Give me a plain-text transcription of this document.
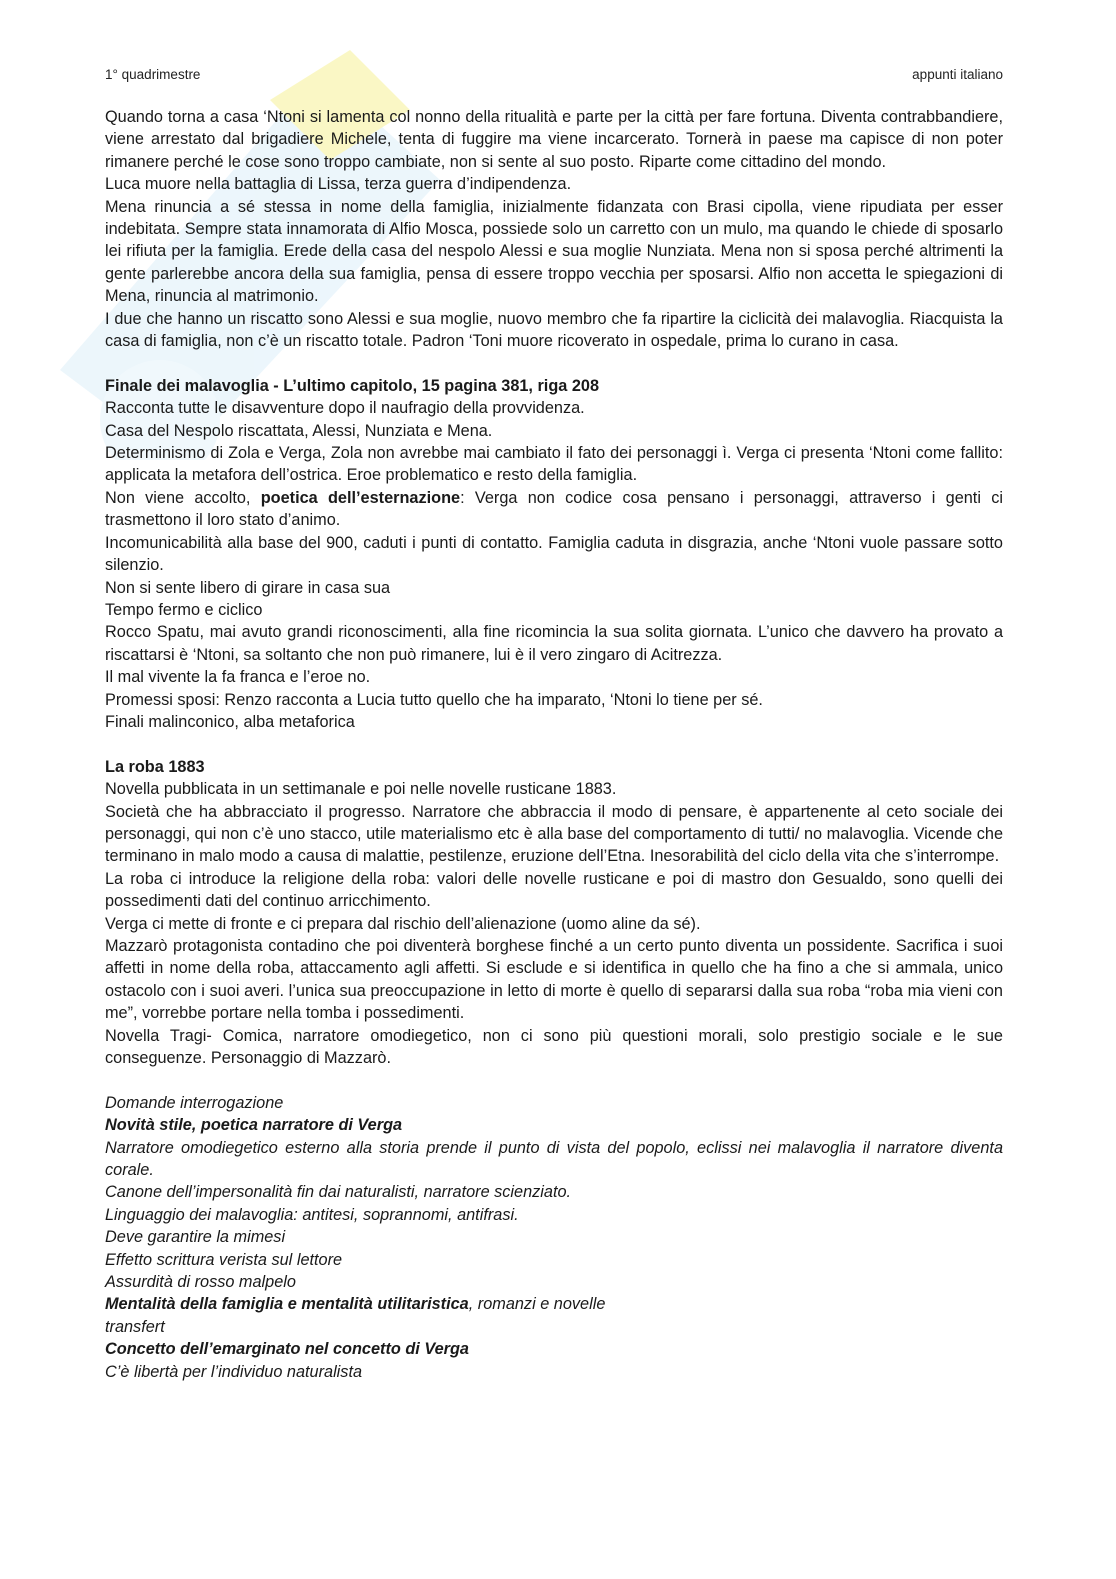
1° quadrimestre	appunti italiano

Quando torna a casa ‘Ntoni si lamenta col nonno della ritualità e parte per la città per fare fortuna. Diventa contrabbandiere, viene arrestato dal brigadiere Michele, tenta di fuggire ma viene incarcerato. Tornerà in paese ma capisce di non poter rimanere perché le cose sono troppo cambiate, non si sente al suo posto. Riparte come cittadino del mondo.

Luca muore nella battaglia di Lissa, terza guerra d’indipendenza.

Mena rinuncia a sé stessa in nome della famiglia, inizialmente fidanzata con Brasi cipolla, viene ripudiata per esser indebitata. Sempre stata innamorata di Alfio Mosca, possiede solo un carretto con un mulo, ma quando le chiede di sposarlo lei rifiuta per la famiglia. Erede della casa del nespolo Alessi e sua moglie Nunziata. Mena non si sposa perché altrimenti la gente parlerebbe ancora della sua famiglia, pensa di essere troppo vecchia per sposarsi. Alfio non accetta le spiegazioni di Mena, rinuncia al matrimonio.

I due che hanno un riscatto sono Alessi e sua moglie, nuovo membro che fa ripartire la ciclicità dei malavoglia. Riacquista la casa di famiglia, non c’è un riscatto totale. Padron ‘Toni muore ricoverato in ospedale, prima lo curano in casa.

Finale dei malavoglia - L’ultimo capitolo, 15 pagina 381, riga 208

Racconta tutte le disavventure dopo il naufragio della provvidenza.

Casa del Nespolo riscattata, Alessi, Nunziata e Mena.

Determinismo di Zola e Verga, Zola non avrebbe mai cambiato il fato dei personaggi ì. Verga ci presenta ‘Ntoni come fallito: applicata la metafora dell’ostrica. Eroe problematico e resto della famiglia.

Non viene accolto, poetica dell’esternazione: Verga non codice cosa pensano i personaggi, attraverso i genti ci trasmettono il loro stato d’animo.

Incomunicabilità alla base del 900, caduti i punti di contatto. Famiglia caduta in disgrazia, anche ‘Ntoni vuole passare sotto silenzio.

Non si sente libero di girare in casa sua

Tempo fermo e ciclico

Rocco Spatu, mai avuto grandi riconoscimenti, alla fine ricomincia la sua solita giornata. L’unico che davvero ha provato a riscattarsi è ‘Ntoni, sa soltanto che non può rimanere, lui è il vero zingaro di Acitrezza.

Il mal vivente la fa franca e l’eroe no.

Promessi sposi: Renzo racconta a Lucia tutto quello che ha imparato, ‘Ntoni lo tiene per sé.

Finali malinconico, alba metaforica

La roba 1883

Novella pubblicata in un settimanale e poi nelle novelle rusticane 1883.

Società che ha abbracciato il progresso. Narratore che abbraccia il modo di pensare, è appartenente al ceto sociale dei personaggi, qui non c’è uno stacco, utile materialismo etc è alla base del comportamento di tutti/ no malavoglia. Vicende che terminano in malo modo a causa di malattie, pestilenze, eruzione dell’Etna. Inesorabilità del ciclo della vita che s’interrompe.

La roba ci introduce la religione della roba: valori delle novelle rusticane e poi di mastro don Gesualdo, sono quelli dei possedimenti dati del continuo arricchimento.

Verga ci mette di fronte e ci prepara dal rischio dell’alienazione (uomo aline da sé).

Mazzarò protagonista contadino che poi diventerà borghese finché a un certo punto diventa un possidente. Sacrifica i suoi affetti in nome della roba, attaccamento agli affetti. Si esclude e si identifica in quello che ha fino a che si ammala, unico ostacolo con i suoi averi. l’unica sua preoccupazione in letto di morte è quello di separarsi dalla sua roba “roba mia vieni con me”, vorrebbe portare nella tomba i possedimenti.

Novella Tragi- Comica, narratore omodiegetico, non ci sono più questioni morali, solo prestigio sociale e le sue conseguenze. Personaggio di Mazzarò.

Domande interrogazione

Novità stile, poetica narratore di Verga

Narratore omodiegetico esterno alla storia prende il punto di vista del popolo, eclissi nei malavoglia il narratore diventa corale.

Canone dell’impersonalità fin dai naturalisti, narratore scienziato.

Linguaggio dei malavoglia: antitesi, soprannomi, antifrasi.

Deve garantire la mimesi

Effetto scrittura verista sul lettore

Assurdità di rosso malpelo

Mentalità della famiglia e mentalità utilitaristica, romanzi e novelle

transfert

Concetto dell’emarginato nel concetto di Verga

C’è libertà per l’individuo naturalista
